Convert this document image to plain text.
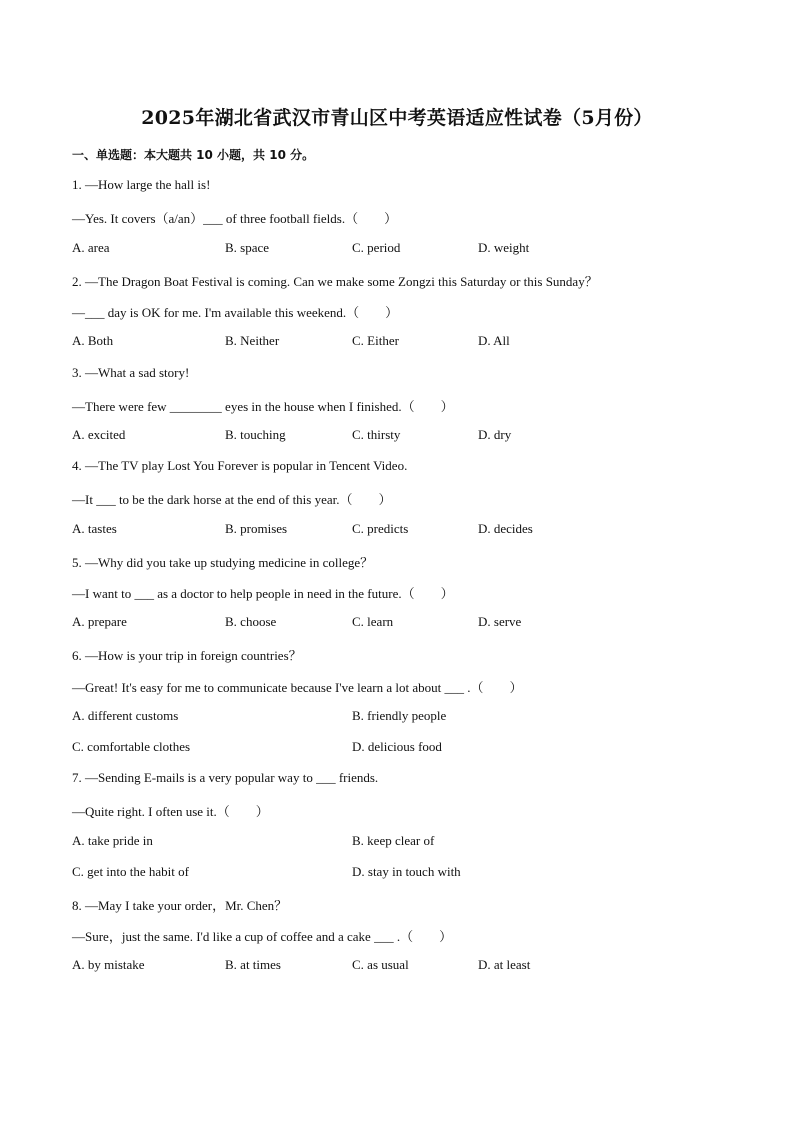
2025年湖北省武汉市青山区中考英语适应性试卷（5月份）
一、单选题：本大题共 10 小题，共 10 分。
1. —How large the hall is!
—Yes. It covers（a/an）___ of three football fields.（　　）
A. area	B. space	C. period	D. weight
2. —The Dragon Boat Festival is coming. Can we make some Zongzi this Saturday or this Sunday？
—___ day is OK for me. I'm available this weekend.（　　）
A. Both	B. Neither	C. Either	D. All
3. —What a sad story!
—There were few ________ eyes in the house when I finished.（　　）
A. excited	B. touching	C. thirsty	D. dry
4. —The TV play Lost You Forever is popular in Tencent Video.
—It ___ to be the dark horse at the end of this year.（　　）
A. tastes	B. promises	C. predicts	D. decides
5. —Why did you take up studying medicine in college？
—I want to ___ as a doctor to help people in need in the future.（　　）
A. prepare	B. choose	C. learn	D. serve
6. —How is your trip in foreign countries？
—Great! It's easy for me to communicate because I've learn a lot about ___ .（　　）
A. different customs	B. friendly people
C. comfortable clothes	D. delicious food
7. —Sending E-mails is a very popular way to ___ friends.
—Quite right. I often use it.（　　）
A. take pride in	B. keep clear of
C. get into the habit of	D. stay in touch with
8. —May I take your order，Mr. Chen？
—Sure，just the same. I'd like a cup of coffee and a cake ___ .（　　）
A. by mistake	B. at times	C. as usual	D. at least
